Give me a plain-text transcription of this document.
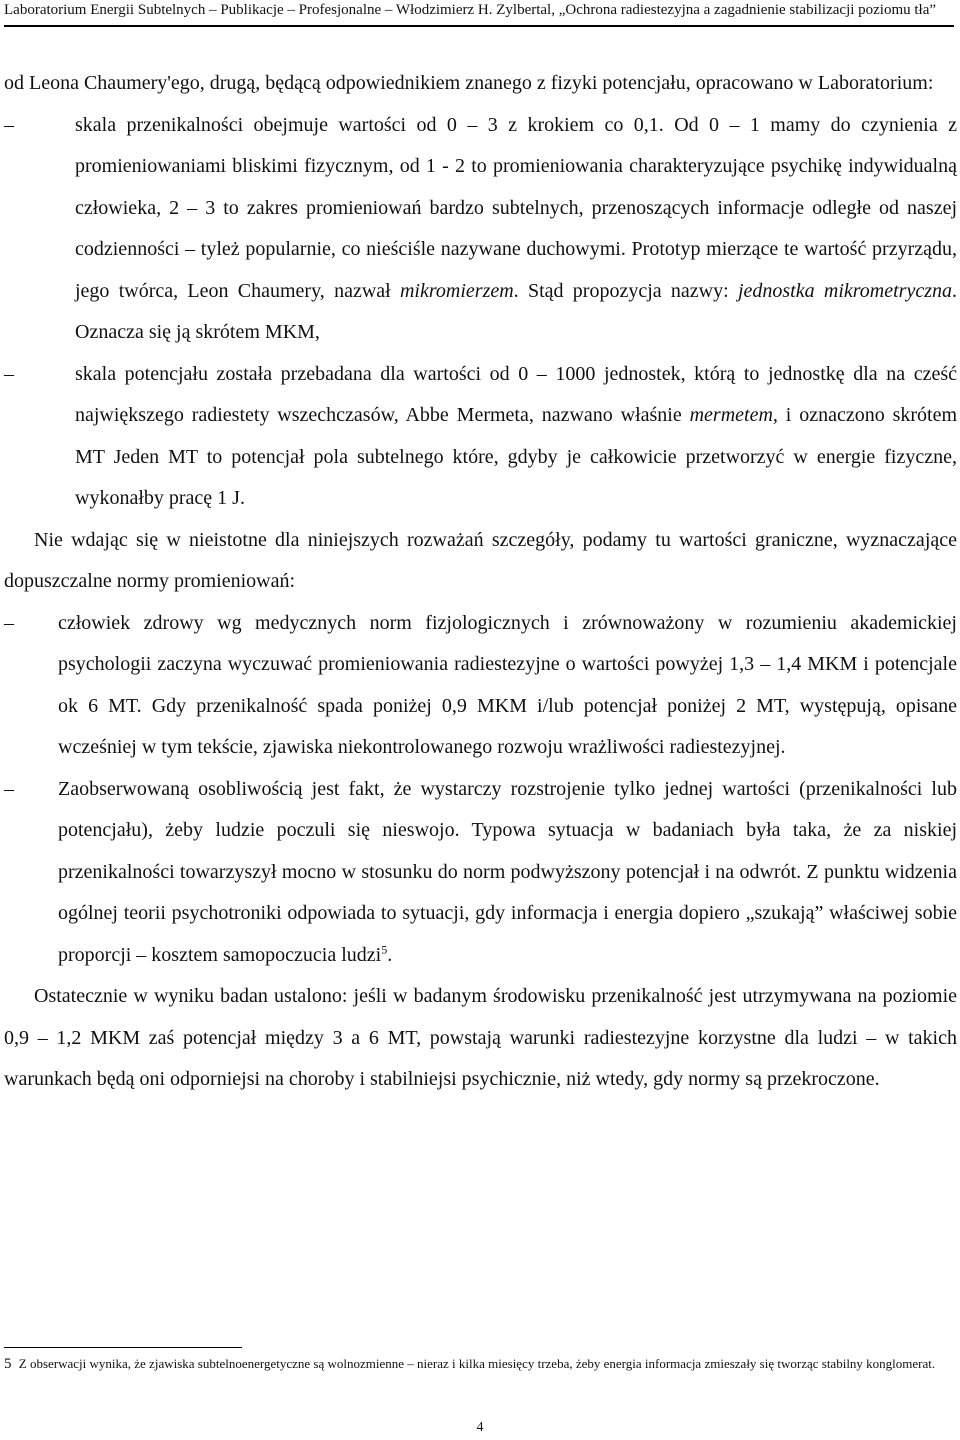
Laboratorium Energii Subtelnych – Publikacje – Profesjonalne – Włodzimierz H. Zylbertal, „Ochrona radiestezyjna a zagadnienie stabilizacji poziomu tła”

od Leona Chaumery'ego, drugą, będącą odpowiednikiem znanego z fizyki potencjału, opracowano w Laboratorium:

–	skala przenikalności obejmuje wartości od 0 – 3 z krokiem co 0,1. Od 0 – 1 mamy do czynienia z promieniowaniami bliskimi fizycznym, od 1 - 2 to promieniowania charakteryzujące psychikę indywidualną człowieka, 2 – 3 to zakres promieniowań bardzo subtelnych, przenoszących informacje odległe od naszej codzienności – tyleż popularnie, co nieściśle nazywane duchowymi. Prototyp mierzące te wartość przyrządu, jego twórca, Leon Chaumery, nazwał mikromierzem. Stąd propozycja nazwy: jednostka mikrometryczna. Oznacza się ją skrótem MKM,

–	skala potencjału została przebadana dla wartości od 0 – 1000 jednostek, którą to jednostkę dla na cześć największego radiestety wszechczasów, Abbe Mermeta, nazwano właśnie mermetem, i oznaczono skrótem MT Jeden MT to potencjał pola subtelnego które, gdyby je całkowicie przetworzyć w energie fizyczne, wykonałby pracę 1 J.

Nie wdając się w nieistotne dla niniejszych rozważań szczegóły, podamy tu wartości graniczne, wyznaczające dopuszczalne normy promieniowań:

– człowiek zdrowy wg medycznych norm fizjologicznych i zrównoważony w rozumieniu akademickiej psychologii zaczyna wyczuwać promieniowania radiestezyjne o wartości powyżej 1,3 – 1,4 MKM i potencjale ok 6 MT. Gdy przenikalność spada poniżej 0,9 MKM i/lub potencjał poniżej 2 MT, występują, opisane wcześniej w tym tekście, zjawiska niekontrolowanego rozwoju wrażliwości radiestezyjnej.

– Zaobserwowaną osobliwością jest fakt, że wystarczy rozstrojenie tylko jednej wartości (przenikalności lub potencjału), żeby ludzie poczuli się nieswojo. Typowa sytuacja w badaniach była taka, że za niskiej przenikalności towarzyszył mocno w stosunku do norm podwyższony potencjał i na odwrót. Z punktu widzenia ogólnej teorii psychotroniki odpowiada to sytuacji, gdy informacja i energia dopiero „szukają” właściwej sobie proporcji – kosztem samopoczucia ludzi$^5$.

Ostatecznie w wyniku badan ustalono: jeśli w badanym środowisku przenikalność jest utrzymywana na poziomie 0,9 – 1,2 MKM zaś potencjał między 3 a 6 MT, powstają warunki radiestezyjne korzystne dla ludzi – w takich warunkach będą oni odporniejsi na choroby i stabilniejsi psychicznie, niż wtedy, gdy normy są przekroczone.

5 Z obserwacji wynika, że zjawiska subtelnoenergetyczne są wolnozmienne – nieraz i kilka miesięcy trzeba, żeby energia informacja zmieszały się tworząc stabilny konglomerat.
4
